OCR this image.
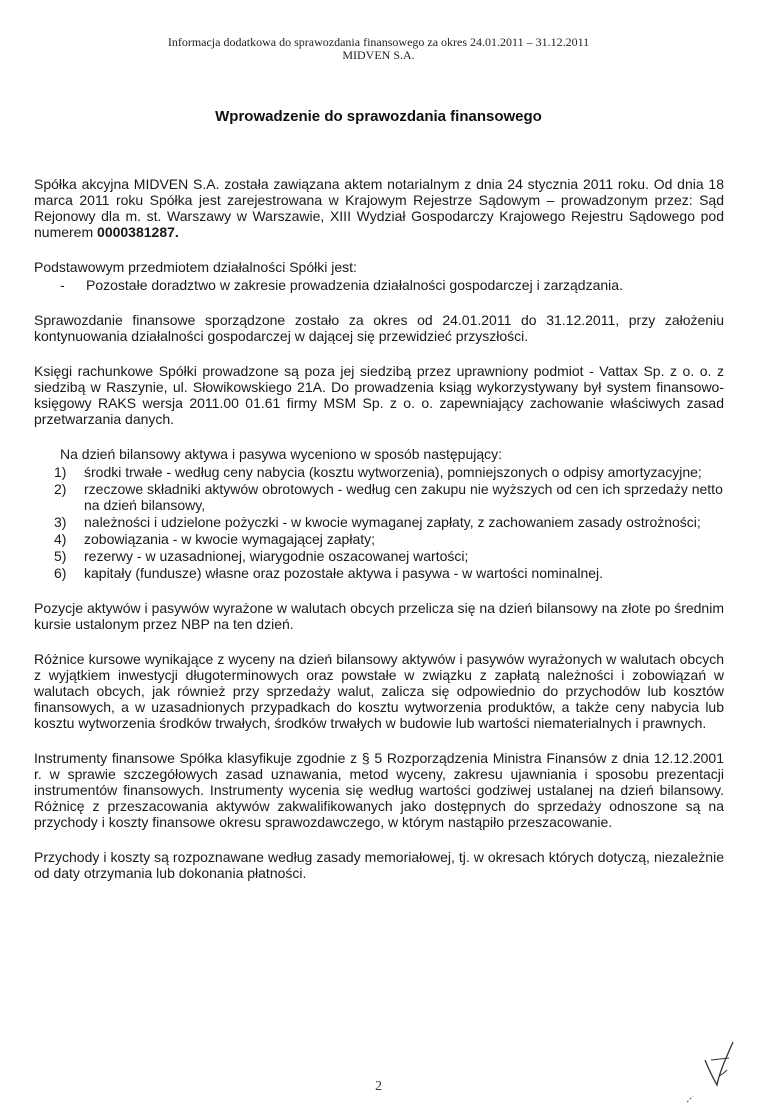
Informacja dodatkowa do sprawozdania finansowego za okres 24.01.2011 – 31.12.2011
MIDVEN S.A.
Wprowadzenie do sprawozdania finansowego

Spółka akcyjna MIDVEN S.A. została zawiązana aktem notarialnym z dnia 24 stycznia 2011 roku. Od dnia 18 marca 2011 roku Spółka jest zarejestrowana w Krajowym Rejestrze Sądowym – prowadzonym przez: Sąd Rejonowy dla m. st. Warszawy w Warszawie, XIII Wydział Gospodarczy Krajowego Rejestru Sądowego pod numerem 0000381287.

Podstawowym przedmiotem działalności Spółki jest:
-	Pozostałe doradztwo w zakresie prowadzenia działalności gospodarczej i zarządzania.

Sprawozdanie finansowe sporządzone zostało za okres od 24.01.2011 do 31.12.2011, przy założeniu kontynuowania działalności gospodarczej w dającej się przewidzieć przyszłości.

Księgi rachunkowe Spółki prowadzone są poza jej siedzibą przez uprawniony podmiot - Vattax Sp. z o. o. z siedzibą w Raszynie, ul. Słowikowskiego 21A. Do prowadzenia ksiąg wykorzystywany był system finansowo-księgowy RAKS wersja 2011.00 01.61 firmy MSM Sp. z o. o. zapewniający zachowanie właściwych zasad przetwarzania danych.

Na dzień bilansowy aktywa i pasywa wyceniono w sposób następujący:
1)	środki trwałe - według ceny nabycia (kosztu wytworzenia), pomniejszonych o odpisy amortyzacyjne;
2)	rzeczowe składniki aktywów obrotowych - według cen zakupu nie wyższych od cen ich sprzedaży netto na dzień bilansowy,
3)	należności i udzielone pożyczki - w kwocie wymaganej zapłaty, z zachowaniem zasady ostrożności;
4)	zobowiązania - w kwocie wymagającej zapłaty;
5)	rezerwy - w uzasadnionej, wiarygodnie oszacowanej wartości;
6)	kapitały (fundusze) własne oraz pozostałe aktywa i pasywa - w wartości nominalnej.

Pozycje aktywów i pasywów wyrażone w walutach obcych przelicza się na dzień bilansowy na złote po średnim kursie ustalonym przez NBP na ten dzień.

Różnice kursowe wynikające z wyceny na dzień bilansowy aktywów i pasywów wyrażonych w walutach obcych z wyjątkiem inwestycji długoterminowych oraz powstałe w związku z zapłatą należności i zobowiązań w walutach obcych, jak również przy sprzedaży walut, zalicza się odpowiednio do przychodów lub kosztów finansowych, a w uzasadnionych przypadkach do kosztu wytworzenia produktów, a także ceny nabycia lub kosztu wytworzenia środków trwałych, środków trwałych w budowie lub wartości niematerialnych i prawnych.

Instrumenty finansowe Spółka klasyfikuje zgodnie z § 5 Rozporządzenia Ministra Finansów z dnia 12.12.2001 r. w sprawie szczegółowych zasad uznawania, metod wyceny, zakresu ujawniania i sposobu prezentacji instrumentów finansowych. Instrumenty wycenia się według wartości godziwej ustalanej na dzień bilansowy. Różnicę z przeszacowania aktywów zakwalifikowanych jako dostępnych do sprzedaży odnoszone są na przychody i koszty finansowe okresu sprawozdawczego, w którym nastąpiło przeszacowanie.

Przychody i koszty są rozpoznawane według zasady memoriałowej, tj. w okresach których dotyczą, niezależnie od daty otrzymania lub dokonania płatności.

2
